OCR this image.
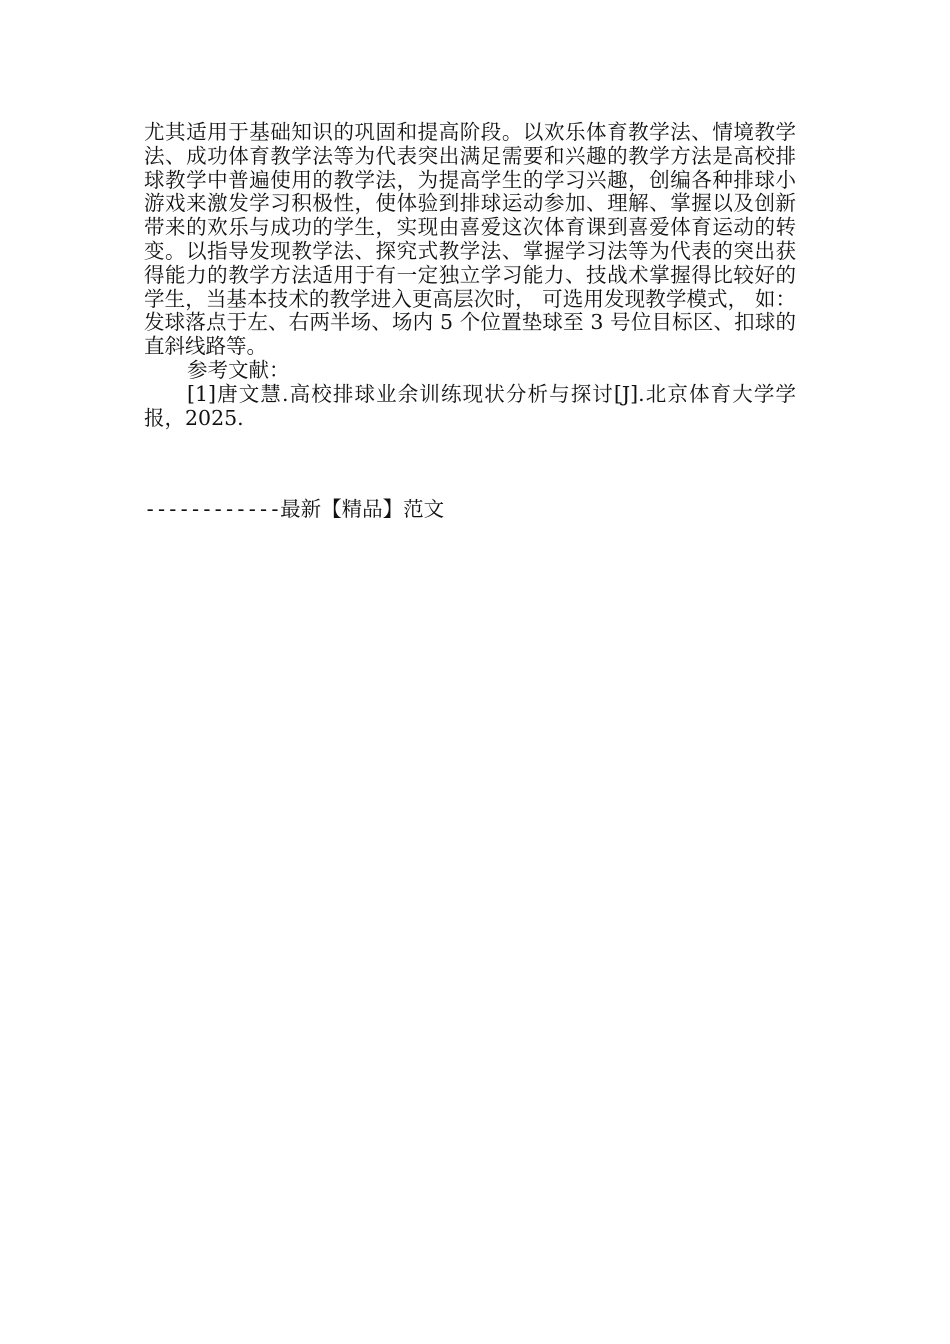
尤其适用于基础知识的巩固和提高阶段。以欢乐体育教学法、情境教学法、成功体育教学法等为代表突出满足需要和兴趣的教学方法是高校排球教学中普遍使用的教学法，为提高学生的学习兴趣，创编各种排球小游戏来激发学习积极性，使体验到排球运动参加、理解、掌握以及创新带来的欢乐与成功的学生，实现由喜爱这次体育课到喜爱体育运动的转变。以指导发现教学法、探究式教学法、掌握学习法等为代表的突出获得能力的教学方法适用于有一定独立学习能力、技战术掌握得比较好的学生，当基本技术的教学进入更高层次时， 可选用发现教学模式， 如： 发球落点于左、右两半场、场内 5 个位置垫球至 3 号位目标区、扣球的直斜线路等。

参考文献：

[1]唐文慧.高校排球业余训练现状分析与探讨[J].北京体育大学学报，2025.

------------最新【精品】范文
